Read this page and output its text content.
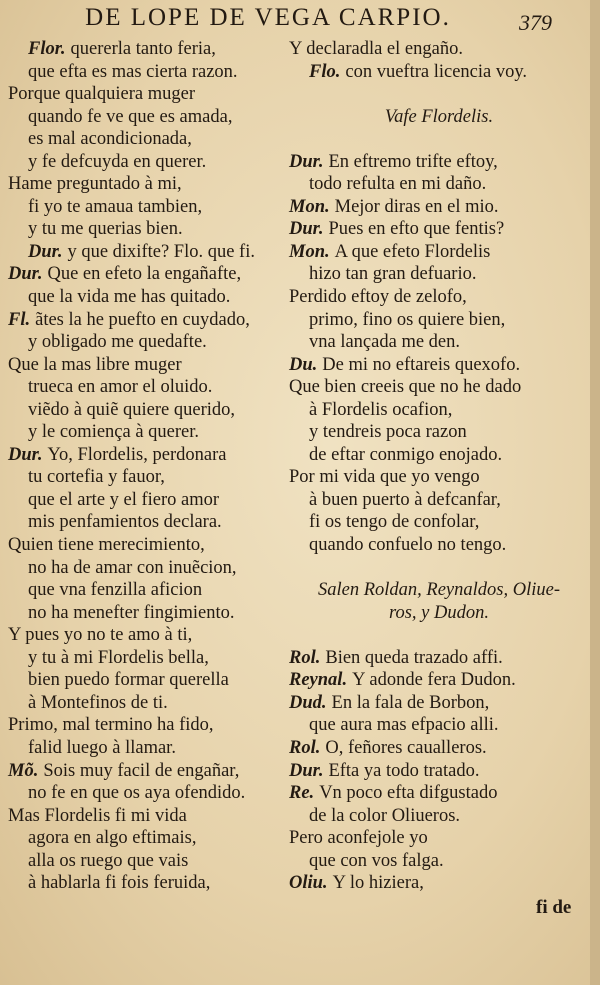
DE LOPE DE VEGA CARPIO.	379
Flor. quererla tanto feria,
que efta es mas cierta razon.
Porque qualquiera muger
quando fe ve que es amada,
es mal acondicionada,
y fe defcuyda en querer.
Hame preguntado à mi,
fi yo te amaua tambien,
y tu me querias bien.
Dur. y que dixifte? Flo. que fi.
Dur. Que en efeto la engañafte,
que la vida me has quitado.
Fl. ãtes la he puefto en cuydado,
y obligado me quedafte.
Que la mas libre muger
trueca en amor el oluido.
viẽdo à quiẽ quiere querido,
y le comiença à querer.
Dur. Yo, Flordelis, perdonara
tu cortefia y fauor,
que el arte y el fiero amor
mis penfamientos declara.
Quien tiene merecimiento,
no ha de amar con inuẽcion,
que vna fenzilla aficion
no ha menefter fingimiento.
Y pues yo no te amo à ti,
y tu à mi Flordelis bella,
bien puedo formar querella
à Montefinos de ti.
Primo, mal termino ha fido,
falid luego à llamar.
Mõ. Sois muy facil de engañar,
no fe en que os aya ofendido.
Mas Flordelis fi mi vida
agora en algo eftimais,
alla os ruego que vais
à hablarla fi fois feruida,
Y declaradla el engaño.
Flo. con vueftra licencia voy.
Vafe Flordelis.
Dur. En eftremo trifte eftoy,
todo refulta en mi daño.
Mon. Mejor diras en el mio.
Dur. Pues en efto que fentis?
Mon. A que efeto Flordelis
hizo tan gran defuario.
Perdido eftoy de zelofo,
primo, fino os quiere bien,
vna lançada me den.
Du. De mi no eftareis quexofo.
Que bien creeis que no he dado
à Flordelis ocafion,
y tendreis poca razon
de eftar conmigo enojado.
Por mi vida que yo vengo
à buen puerto à defcanfar,
fi os tengo de confolar,
quando confuelo no tengo.
Salen Roldan, Reynaldos, Oliue-
ros, y Dudon.
Rol. Bien queda trazado affi.
Reynal. Y adonde fera Dudon.
Dud. En la fala de Borbon,
que aura mas efpacio alli.
Rol. O, feñores caualleros.
Dur. Efta ya todo tratado.
Re. Vn poco efta difgustado
de la color Oliueros.
Pero aconfejole yo
que con vos falga.
Oliu. Y lo hiziera,
fi de
